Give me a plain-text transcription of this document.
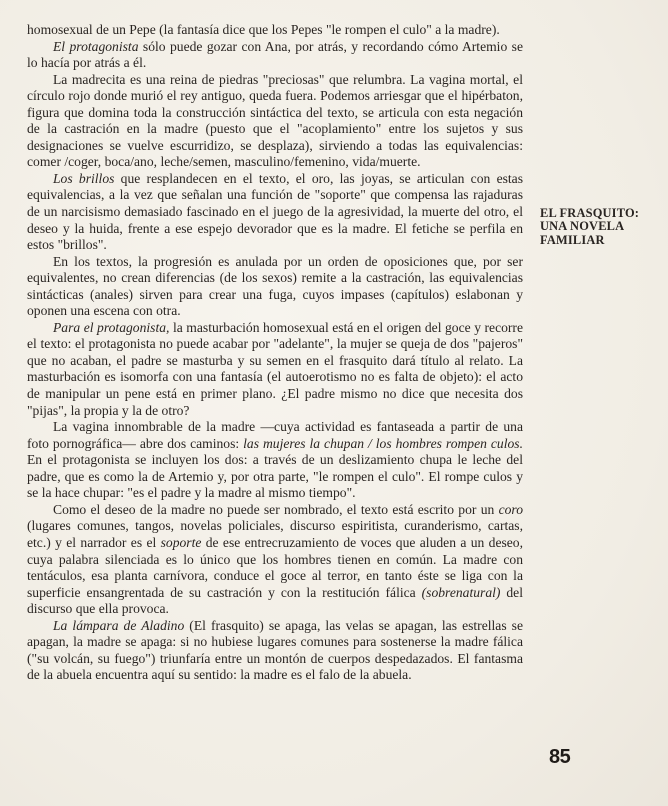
homosexual de un Pepe (la fantasía dice que los Pepes "le rompen el culo" a la madre).

El protagonista sólo puede gozar con Ana, por atrás, y recordando cómo Artemio se lo hacía por atrás a él.

La madrecita es una reina de piedras "preciosas" que relumbra. La vagina mortal, el círculo rojo donde murió el rey antiguo, queda fuera. Podemos arriesgar que el hipérbaton, figura que domina toda la construcción sintáctica del texto, se articula con esta negación de la castración en la madre (puesto que el "acoplamiento" entre los sujetos y sus designaciones se vuelve escurridizo, se desplaza), sirviendo a todas las equivalencias: comer /coger, boca/ano, leche/semen, masculino/femenino, vida/muerte.

Los brillos que resplandecen en el texto, el oro, las joyas, se articulan con estas equivalencias, a la vez que señalan una función de "soporte" que compensa las rajaduras de un narcisismo demasiado fascinado en el juego de la agresividad, la muerte del otro, el deseo y la huida, frente a ese espejo devorador que es la madre. El fetiche se perfila en estos "brillos".

En los textos, la progresión es anulada por un orden de oposiciones que, por ser equivalentes, no crean diferencias (de los sexos) remite a la castración, las equivalencias sintácticas (anales) sirven para crear una fuga, cuyos impases (capítulos) eslabonan y oponen una escena con otra.

Para el protagonista, la masturbación homosexual está en el origen del goce y recorre el texto: el protagonista no puede acabar por "adelante", la mujer se queja de dos "pajeros" que no acaban, el padre se masturba y su semen en el frasquito dará título al relato. La masturbación es isomorfa con una fantasía (el autoerotismo no es falta de objeto): el acto de manipular un pene está en primer plano. ¿El padre mismo no dice que necesita dos "pijas", la propia y la de otro?

La vagina innombrable de la madre —cuya actividad es fantaseada a partir de una foto pornográfica— abre dos caminos: las mujeres la chupan / los hombres rompen culos. En el protagonista se incluyen los dos: a través de un deslizamiento chupa le leche del padre, que es como la de Artemio y, por otra parte, "le rompen el culo". El rompe culos y se la hace chupar: "es el padre y la madre al mismo tiempo".

Como el deseo de la madre no puede ser nombrado, el texto está escrito por un coro (lugares comunes, tangos, novelas policiales, discurso espiritista, curanderismo, cartas, etc.) y el narrador es el soporte de ese entrecruzamiento de voces que aluden a un deseo, cuya palabra silenciada es lo único que los hombres tienen en común. La madre con tentáculos, esa planta carnívora, conduce el goce al terror, en tanto éste se liga con la superficie ensangrentada de su castración y con la restitución fálica (sobrenatural) del discurso que ella provoca.

La lámpara de Aladino (El frasquito) se apaga, las velas se apagan, las estrellas se apagan, la madre se apaga: si no hubiese lugares comunes para sostenerse la madre fálica ("su volcán, su fuego") triunfaría entre un montón de cuerpos despedazados. El fantasma de la abuela encuentra aquí su sentido: la madre es el falo de la abuela.

EL FRASQUITO:
UNA NOVELA
FAMILIAR
85
